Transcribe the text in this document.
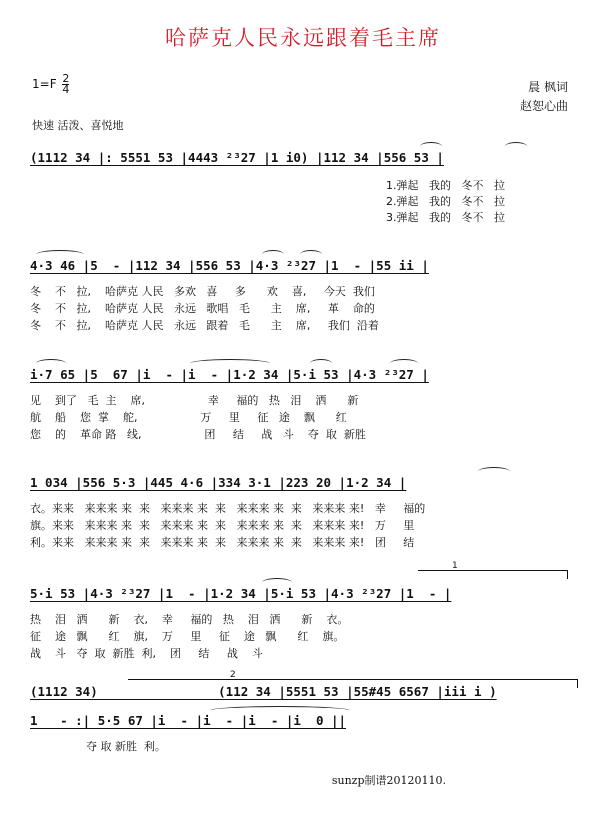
哈萨克人民永远跟着毛主席
$1=F \frac{2}{4}$	晨 枫词
赵恕心曲
快速 活泼、喜悦地
(1112 34 |: 5551 53 |4443 ²³27 |1 i0) |112 34 |556 53 |
1.弹起   我的   冬不   拉
2.弹起   我的   冬不   拉
3.弹起   我的   冬不   拉
4·3 46 |5  - |112 34 |556 53 |4·3 ²³27 |1  - |55 ii |
冬    不   拉,    哈萨克 人民   多欢   喜     多      欢    喜,     今天  我们
冬    不   拉,    哈萨克 人民   永远   歌唱   毛      主    席,     革    命的
冬    不   拉,    哈萨克 人民   永远   跟着   毛      主    席,     我们  沿着
i·7 65 |5  67 |i  - |i  - |1·2 34 |5·i 53 |4·3 ²³27 |
见    到了   毛  主    席,                  幸     福的   热   泪    洒      新
航    船    您  掌    舵,                  万     里     征   途    飘      红
您    的    革命 路   线,                  团     结     战   斗    夺  取  新胜
1 034 |556 5·3 |445 4·6 |334 3·1 |223 20 |1·2 34 |
衣。来来   来来来 来  来   来来来 来  来   来来来 来  来   来来来 来!   幸     福的
旗。来来   来来来 来  来   来来来 来  来   来来来 来  来   来来来 来!   万     里
利。来来   来来来 来  来   来来来 来  来   来来来 来  来   来来来 来!   团     结
1
5·i 53 |4·3 ²³27 |1  - |1·2 34 |5·i 53 |4·3 ²³27 |1  - |
热    泪   洒      新    衣,    幸     福的   热    泪   洒      新    衣。
征    途   飘      红    旗,    万     里     征    途   飘      红    旗。
战    斗   夺  取  新胜  利,    团     结     战    斗
2
(1112 34)                (112 34 |5551 53 |55#45 6567 |iii i )
1   - :| 5·5 67 |i  - |i  - |i  - |i  0 ||
夺 取 新胜  利。
sunzp制谱20120110.
